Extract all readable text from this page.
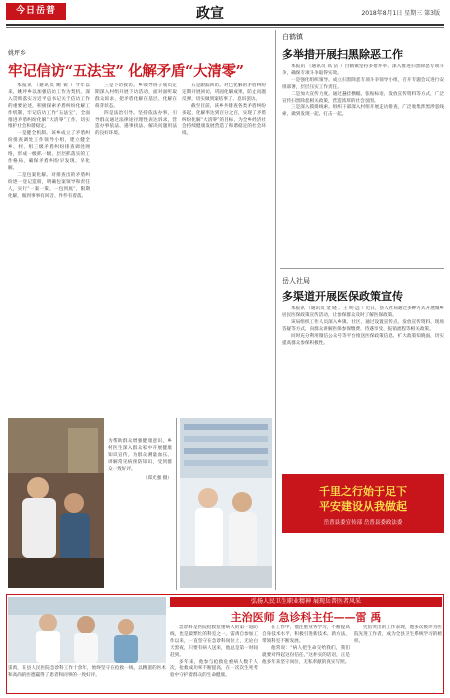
今日岳普	政宣	2018年8月1日 星期三 第3版
姚坪乡
牢记信访“五法宝” 化解矛盾“大清零”

本报讯 （通讯员 鲍 锐 ）今年以来，姚坪乡以加强信访工作为契机，深入贯彻落实习近平总书记关于信访工作的重要论述，积极探索矛盾纠纷化解工作机制，牢记信访工作“五法宝”，全面推进矛盾纠纷化解“大清零”工作，切实维护社会和谐稳定。

一是健全机制。该乡成立了矛盾纠纷排查调处工作领导小组，建立健全乡、村、组三级矛盾纠纷排查调处网络，形成一级抓一级、层层抓落实的工作格局，确保矛盾纠纷早发现、早化解。

二是包案化解。对排查出的矛盾纠纷逐一登记造册，明确包案领导和责任人，实行“一案一策、一包到底”，限期化解，做到事事有回音、件件有着落。

三是下访接访。乡领导班子成员定期深入村组开展下访活动，面对面听取群众诉求，把矛盾化解在基层、化解在萌芽状态。

四是法治引导。坚持依法办事，引导群众通过法律途径理性表达诉求，营造办事依法、遇事找法、解决问题用法的良好环境。

五是跟踪回访。对已化解的矛盾纠纷定期开展回访，巩固化解成果，防止问题反弹，切实做到案结事了、息诉罢访。

截至目前，该乡共排查各类矛盾纠纷多起，化解率达到百分之百，实现了矛盾纠纷化解“大清零”的目标，为全乡经济社会持续健康发展营造了和谐稳定的社会环境。

为帮助群众增强健康意识，乡村医生深入群众家中开展健康知识宣传，为群众测量血压、讲解常见病预防知识，受到群众一致好评。
（郑光强 摄）
白鹤镇
多举措开展扫黑除恶工作

本报讯 （通讯员 高 洁 ）白鹤镇坚持多措并举，深入推进扫黑除恶专项斗争，确保专项斗争取得实效。

一是强化组织领导。成立扫黑除恶专项斗争领导小组，召开专题会议进行安排部署，层层压实工作责任。

二是加大宣传力度。通过悬挂横幅、张贴标语、发放宣传资料等方式，广泛宣传扫黑除恶相关政策，营造浓厚的社会氛围。

三是深入摸排线索。组织干部深入村组开展走访排查，广泛收集涉黑涉恶线索，做到发现一起、打击一起。

岳人社局
多渠道开展医保政策宣传

本报讯 （通讯员 金 晓 、王 明 远 ）近日，县人社局通过多种方式开展城乡居民医保政策宣传活动，让参保群众及时了解医保政策。

该局组织工作人员深入乡镇、社区，通过设置宣传点、发放宣传资料、现场答疑等方式，向群众讲解医保参保缴费、待遇享受、报销流程等相关政策。

同时充分利用微信公众号等平台推送医保政策信息，扩大政策知晓面，切实提高群众参保积极性。

千里之行始于足下
平安建设从我做起
岳普县委宣传部 岳普县委政法委
雷禹，在县人民医院急诊科工作十余年，始终坚守在抢救一线，以精湛的医术和高尚的医德赢得了患者和同事的一致好评。
弘扬人民卫生职业精神 展现岳普医者风采
主治医师 急诊科主任——雷 禹

急诊科是医院抢救危重病人的第一道防线，也是最繁忙的科室之一。雷禹自参加工作以来，一直坚守在急诊科岗位上，无论白天黑夜，只要有病人送来，他总是第一时间赶到。

多年来，他参与抢救危重病人数千人次，抢救成功率不断提高，在一次次生死考验中守护着群众的生命健康。

在工作中，他注重业务学习，不断提高自身技术水平，积极引进新技术、新方法，带领科室不断发展。

他常说：“病人把生命交给我们，我们就要对得起这份信任。”这朴实的话语，正是他多年来坚守岗位、无私奉献的真实写照。

凭借突出的工作表现，他多次被评为医院先进工作者，成为全县卫生系统学习的榜样。
